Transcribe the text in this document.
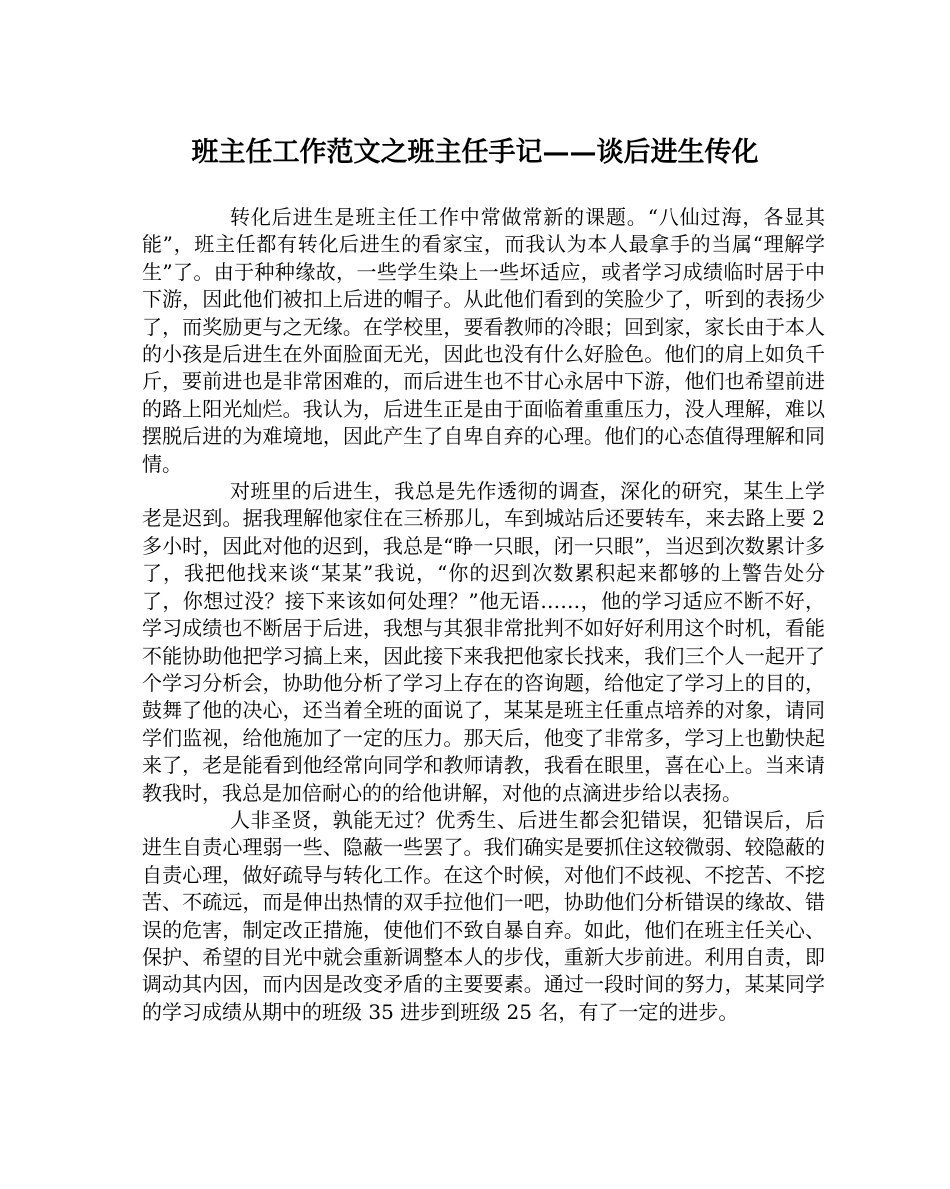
班主任工作范文之班主任手记——谈后进生传化

转化后进生是班主任工作中常做常新的课题。“八仙过海，各显其能”，班主任都有转化后进生的看家宝，而我认为本人最拿手的当属“理解学生”了。由于种种缘故，一些学生染上一些坏适应，或者学习成绩临时居于中下游，因此他们被扣上后进的帽子。从此他们看到的笑脸少了，听到的表扬少了，而奖励更与之无缘。在学校里，要看教师的冷眼；回到家，家长由于本人的小孩是后进生在外面脸面无光，因此也没有什么好脸色。他们的肩上如负千斤，要前进也是非常困难的，而后进生也不甘心永居中下游，他们也希望前进的路上阳光灿烂。我认为，后进生正是由于面临着重重压力，没人理解，难以摆脱后进的为难境地，因此产生了自卑自弃的心理。他们的心态值得理解和同情。

对班里的后进生，我总是先作透彻的调查，深化的研究，某生上学老是迟到。据我理解他家住在三桥那儿，车到城站后还要转车，来去路上要 2 多小时，因此对他的迟到，我总是“睁一只眼，闭一只眼”，当迟到次数累计多了，我把他找来谈“某某”我说，“你的迟到次数累积起来都够的上警告处分了，你想过没？接下来该如何处理？”他无语……，他的学习适应不断不好，学习成绩也不断居于后进，我想与其狠非常批判不如好好利用这个时机，看能不能协助他把学习搞上来，因此接下来我把他家长找来，我们三个人一起开了个学习分析会，协助他分析了学习上存在的咨询题，给他定了学习上的目的，鼓舞了他的决心，还当着全班的面说了，某某是班主任重点培养的对象，请同学们监视，给他施加了一定的压力。那天后，他变了非常多，学习上也勤快起来了，老是能看到他经常向同学和教师请教，我看在眼里，喜在心上。当来请教我时，我总是加倍耐心的的给他讲解，对他的点滴进步给以表扬。

人非圣贤，孰能无过？优秀生、后进生都会犯错误，犯错误后，后进生自责心理弱一些、隐蔽一些罢了。我们确实是要抓住这较微弱、较隐蔽的自责心理，做好疏导与转化工作。在这个时候，对他们不歧视、不挖苦、不挖苦、不疏远，而是伸出热情的双手拉他们一吧，协助他们分析错误的缘故、错误的危害，制定改正措施，使他们不致自暴自弃。如此，他们在班主任关心、保护、希望的目光中就会重新调整本人的步伐，重新大步前进。利用自责，即调动其内因，而内因是改变矛盾的主要要素。通过一段时间的努力，某某同学的学习成绩从期中的班级 35 进步到班级 25 名，有了一定的进步。
